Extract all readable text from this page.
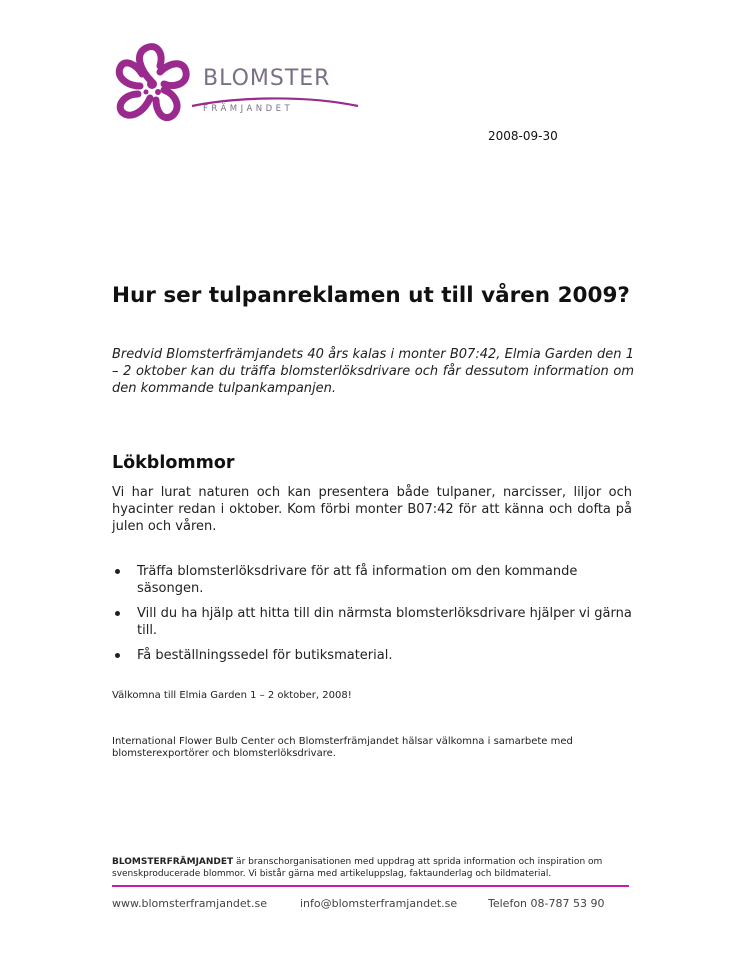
BLOMSTER
FRÄMJANDET
2008-09-30
Hur ser tulpanreklamen ut till våren 2009?

Bredvid Blomsterfrämjandets 40 års kalas i monter B07:42, Elmia Garden den 1 – 2 oktober kan du träffa blomsterlöksdrivare och får dessutom information om den kommande tulpankampanjen.

Lökblommor

Vi har lurat naturen och kan presentera både tulpaner, narcisser, liljor och hyacinter redan i oktober. Kom förbi monter B07:42 för att känna och dofta på julen och våren.

Träffa blomsterlöksdrivare för att få information om den kommande säsongen.
Vill du ha hjälp att hitta till din närmsta blomsterlöksdrivare hjälper vi gärna till.
Få beställningssedel för butiksmaterial.
Välkomna till Elmia Garden 1 – 2 oktober, 2008!

International Flower Bulb Center och Blomsterfrämjandet hälsar välkomna i samarbete med blomsterexportörer och blomsterlöksdrivare.

BLOMSTERFRÄMJANDET är branschorganisationen med uppdrag att sprida information och inspiration om svenskproducerade blommor. Vi bistår gärna med artikeluppslag, faktaunderlag och bildmaterial.

www.blomsterframjandet.se	info@blomsterframjandet.se	Telefon 08-787 53 90
